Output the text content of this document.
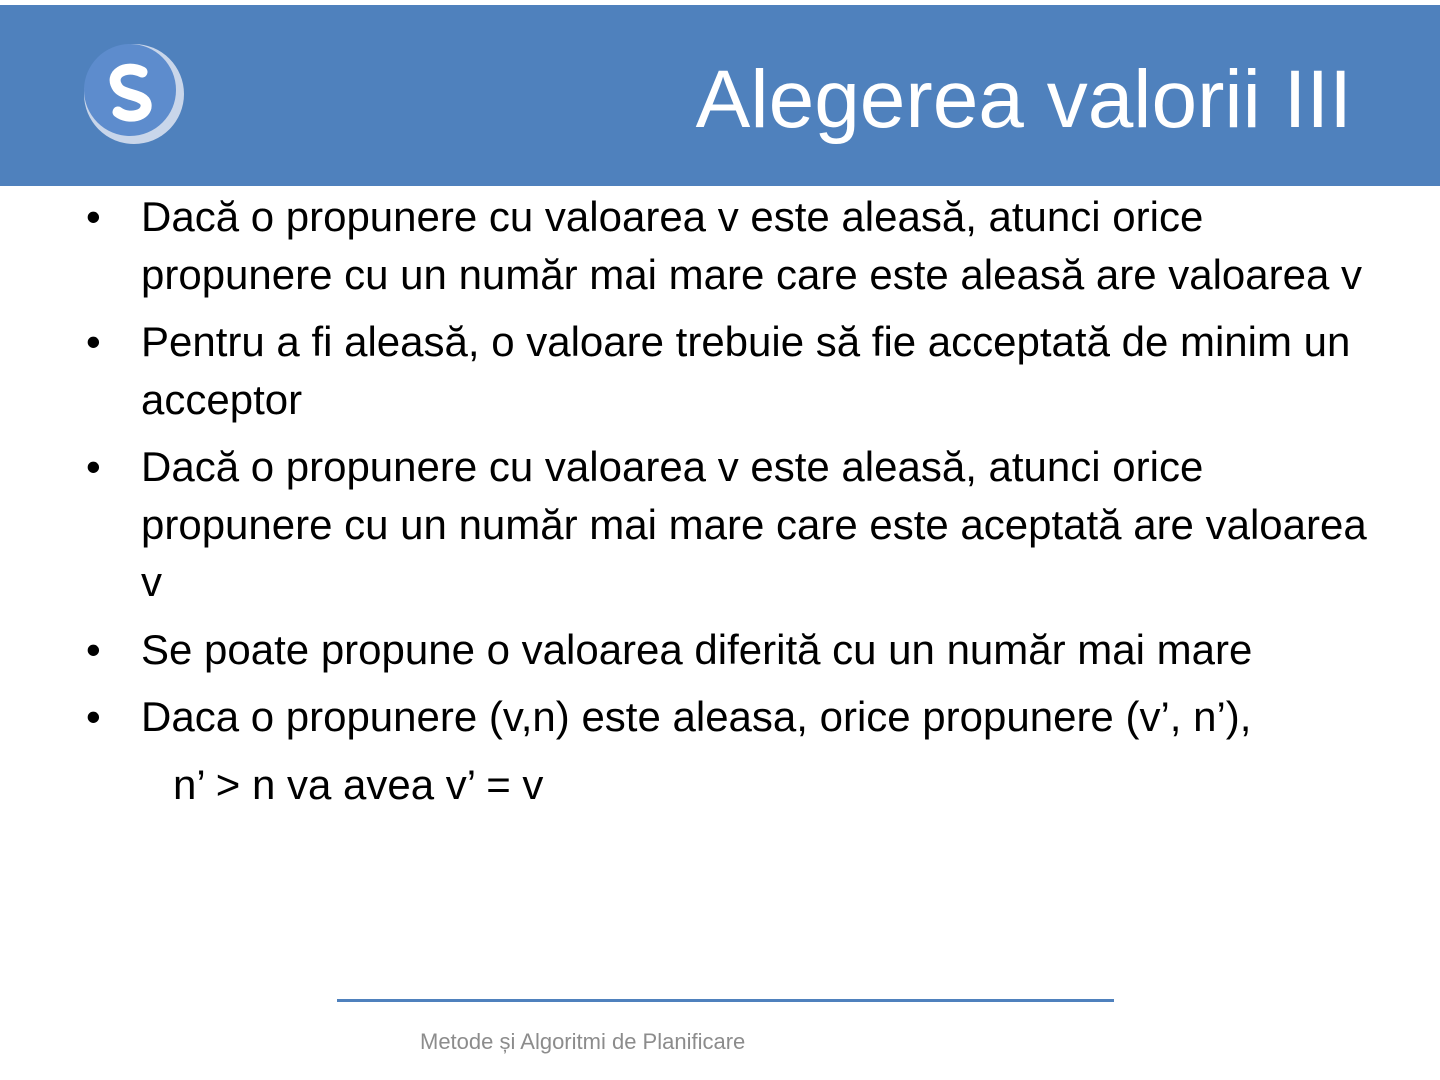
Alegerea valorii III
• Dacă o propunere cu valoarea v este aleasă, atunci orice propunere cu un număr mai mare care este aleasă are valoarea v
• Pentru a fi aleasă, o valoare trebuie să fie acceptată de minim un acceptor
• Dacă o propunere cu valoarea v este aleasă, atunci orice propunere cu un număr mai mare care este aceptată are valoarea v
• Se poate propune o valoarea diferită cu un număr mai mare
• Daca o propunere (v,n) este aleasa, orice propunere (v’, n’),
n’ > n va avea v’ = v
Metode și Algoritmi de Planificare
